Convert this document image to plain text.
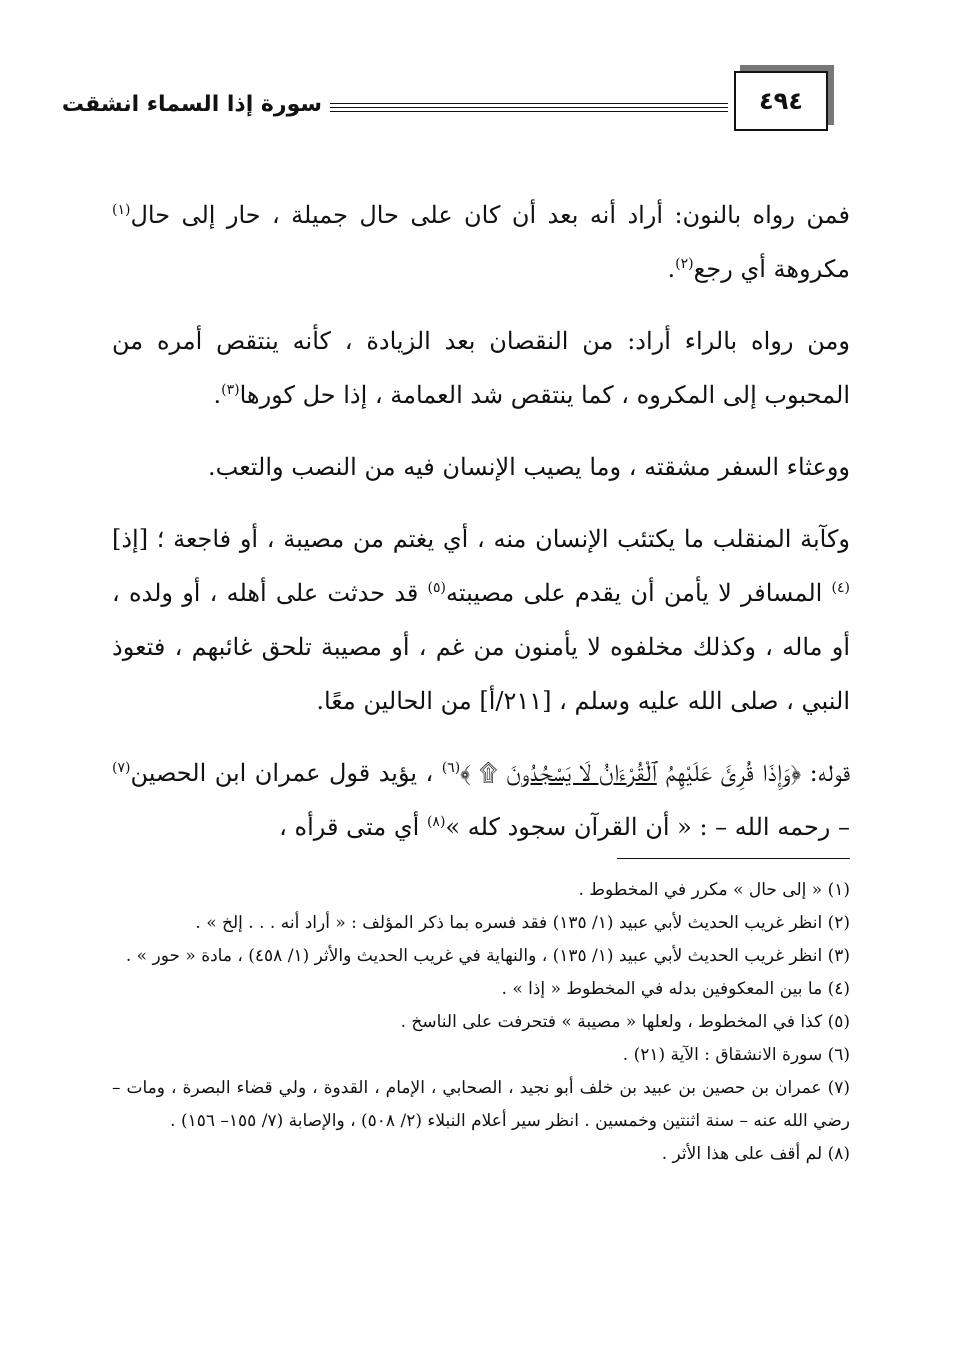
٤٩٤
سورة إذا السماء انشقت

فمن رواه بالنون: أراد أنه بعد أن كان على حال جميلة ، حار إلى حال$^{(١)}$ مكروهة أي رجع$^{(٢)}$.

ومن رواه بالراء أراد: من النقصان بعد الزيادة ، كأنه ينتقص أمره من المحبوب إلى المكروه ، كما ينتقص شد العمامة ، إذا حل كورها$^{(٣)}$.

ووعثاء السفر مشقته ، وما يصيب الإنسان فيه من النصب والتعب.

وكآبة المنقلب ما يكتئب الإنسان منه ، أي يغتم من مصيبة ، أو فاجعة ؛ [إذ]$^{(٤)}$ المسافر لا يأمن أن يقدم على مصيبته$^{(٥)}$ قد حدثت على أهله ، أو ولده ، أو ماله ، وكذلك مخلفوه لا يأمنون من غم ، أو مصيبة تلحق غائبهم ، فتعوذ النبي ، صلى الله عليه وسلم ، [٢١١/أ] من الحالين معًا.

قوله: ﴿وَإِذَا قُرِئَ عَلَيْهِمُ ٱلْقُرْءَانُ لَا يَسْجُدُونَ ۩ ﴾$^{(٦)}$ ، يؤيد قول عمران ابن الحصين$^{(٧)}$ – رحمه الله – : « أن القرآن سجود كله »$^{(٨)}$ أي متى قرأه ،

(١) « إلى حال » مكرر في المخطوط .

(٢) انظر غريب الحديث لأبي عبيد (١/ ١٣٥) فقد فسره بما ذكر المؤلف : « أراد أنه . . . إلخ » .

(٣) انظر غريب الحديث لأبي عبيد (١/ ١٣٥) ، والنهاية في غريب الحديث والأثر (١/ ٤٥٨) ، مادة « حور » .

(٤) ما بين المعكوفين بدله في المخطوط « إذا » .

(٥) كذا في المخطوط ، ولعلها « مصيبة » فتحرفت على الناسخ .

(٦) سورة الانشقاق : الآية (٢١) .

(٧) عمران بن حصين بن عبيد بن خلف أبو نجيد ، الصحابي ، الإمام ، القدوة ، ولي قضاء البصرة ، ومات – رضي الله عنه – سنة اثنتين وخمسين . انظر سير أعلام النبلاء (٢/ ٥٠٨) ، والإصابة (٧/ ١٥٥– ١٥٦) .

(٨) لم أقف على هذا الأثر .
